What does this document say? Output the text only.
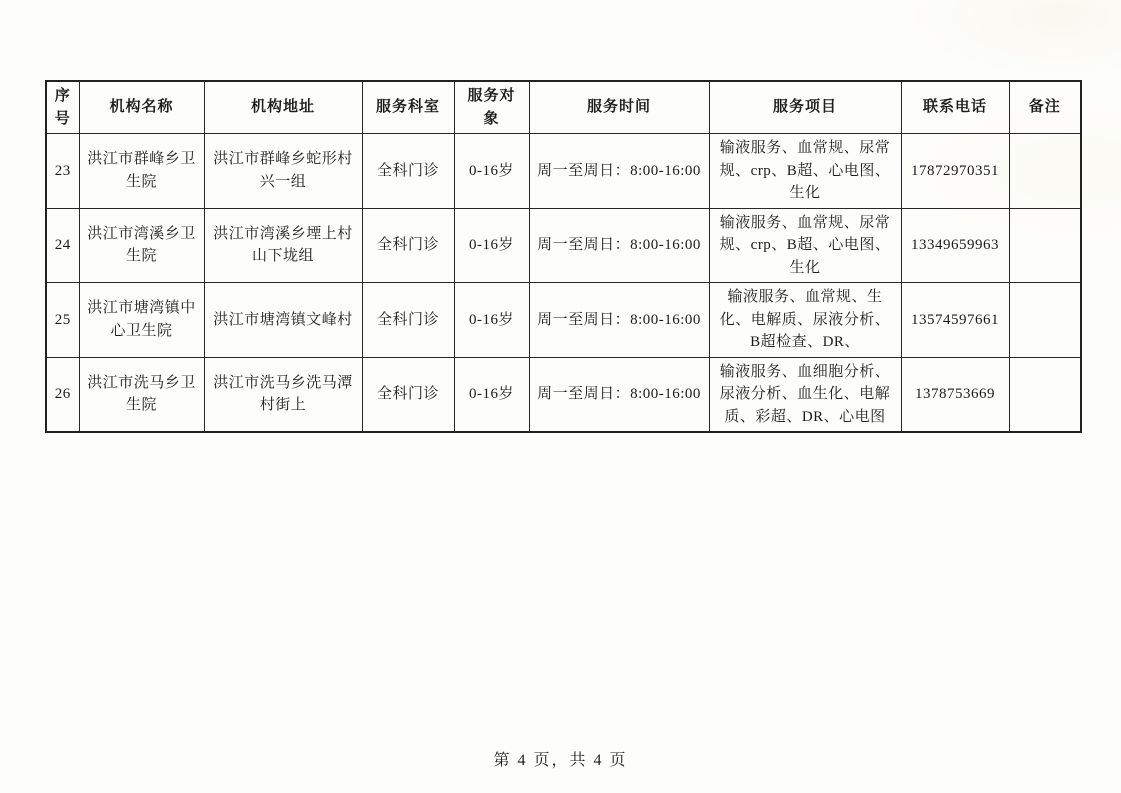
序号	机构名称	机构地址	服务科室	服务对象	服务时间	服务项目	联系电话	备注
23	洪江市群峰乡卫生院	洪江市群峰乡蛇形村兴一组	全科门诊	0-16岁	周一至周日：8:00-16:00	输液服务、血常规、尿常规、crp、B超、心电图、生化	17872970351	
24	洪江市湾溪乡卫生院	洪江市湾溪乡堙上村山下垅组	全科门诊	0-16岁	周一至周日：8:00-16:00	输液服务、血常规、尿常规、crp、B超、心电图、生化	13349659963	
25	洪江市塘湾镇中心卫生院	洪江市塘湾镇文峰村	全科门诊	0-16岁	周一至周日：8:00-16:00	输液服务、血常规、生化、电解质、尿液分析、B超检查、DR、	13574597661	
26	洪江市洗马乡卫生院	洪江市洗马乡洗马潭村街上	全科门诊	0-16岁	周一至周日：8:00-16:00	输液服务、血细胞分析、尿液分析、血生化、电解质、彩超、DR、心电图	1378753669	
第 4 页，共 4 页
